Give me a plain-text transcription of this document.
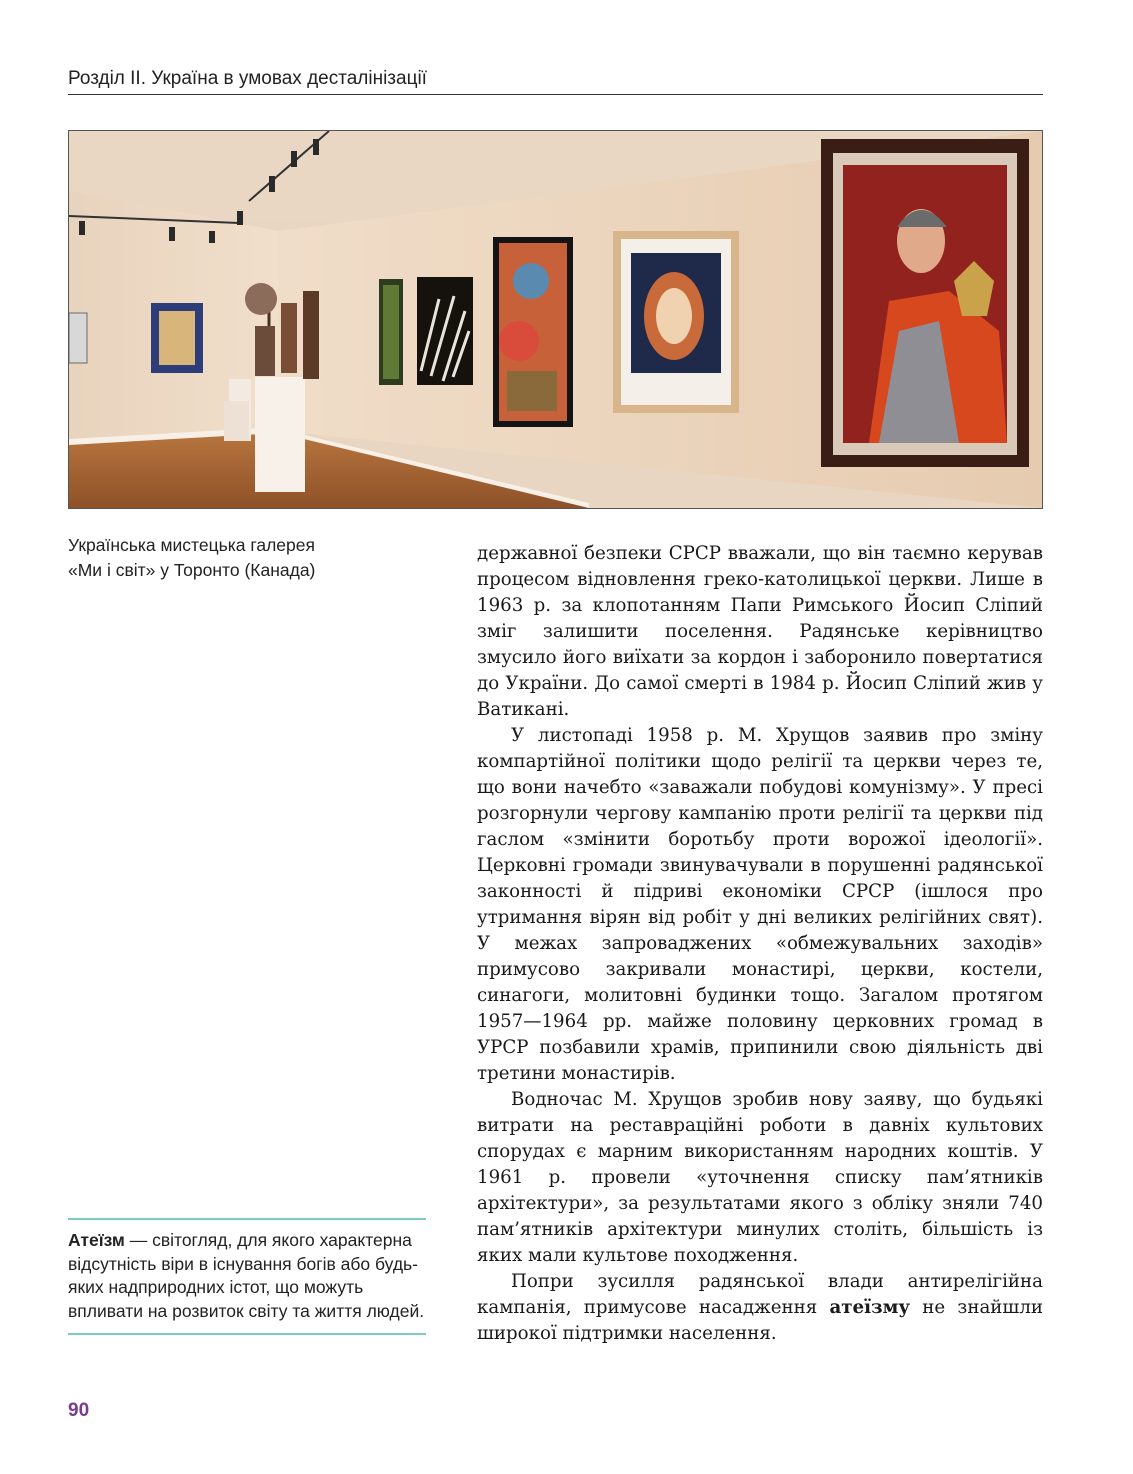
Розділ ІІ. Україна в умовах десталінізації
Українська мистецька галерея
«Ми і світ» у Торонто (Канада)

державної безпеки СРСР вважали, що він таємно керував процесом відновлення греко-католицької церкви. Лише в 1963 р. за клопотанням Папи Римського Йосип Сліпий зміг залишити поселення. Радянське керівництво змусило його виїхати за кордон і заборонило повертатися до України. До самої смерті в 1984 р. Йосип Сліпий жив у Ватикані.

У листопаді 1958 р. М. Хрущов заявив про зміну компартійної політики щодо релігії та церкви через те, що вони начебто «заважали побудові комунізму». У пресі розгорнули чергову кампанію проти релігії та церкви під гаслом «змінити боротьбу проти ворожої ідеології». Церковні громади звинувачували в порушенні радянської законності й підриві економіки СРСР (ішлося про утримання вірян від робіт у дні великих релігійних свят). У межах запроваджених «обмежувальних заходів» примусово закривали монастирі, церкви, костели, синагоги, молитовні будинки тощо. Загалом протягом 1957—1964 рр. майже половину церковних громад в УРСР позбавили храмів, припинили свою діяльність дві третини монастирів.

Водночас М. Хрущов зробив нову заяву, що будьякі витрати на реставраційні роботи в давніх культових спорудах є марним використанням народних коштів. У 1961 р. провели «уточнення списку пам’ятників архітектури», за результатами якого з обліку зняли 740 пам’ятників архітектури минулих століть, більшість із яких мали культове походження.

Попри зусилля радянської влади антирелігійна кампанія, примусове насадження атеїзму не знайшли широкої підтримки населення.

Атеїзм — світогляд, для якого характерна відсутність віри в існування богів або будь-яких надприродних істот, що можуть впливати на розвиток світу та життя людей.
90
